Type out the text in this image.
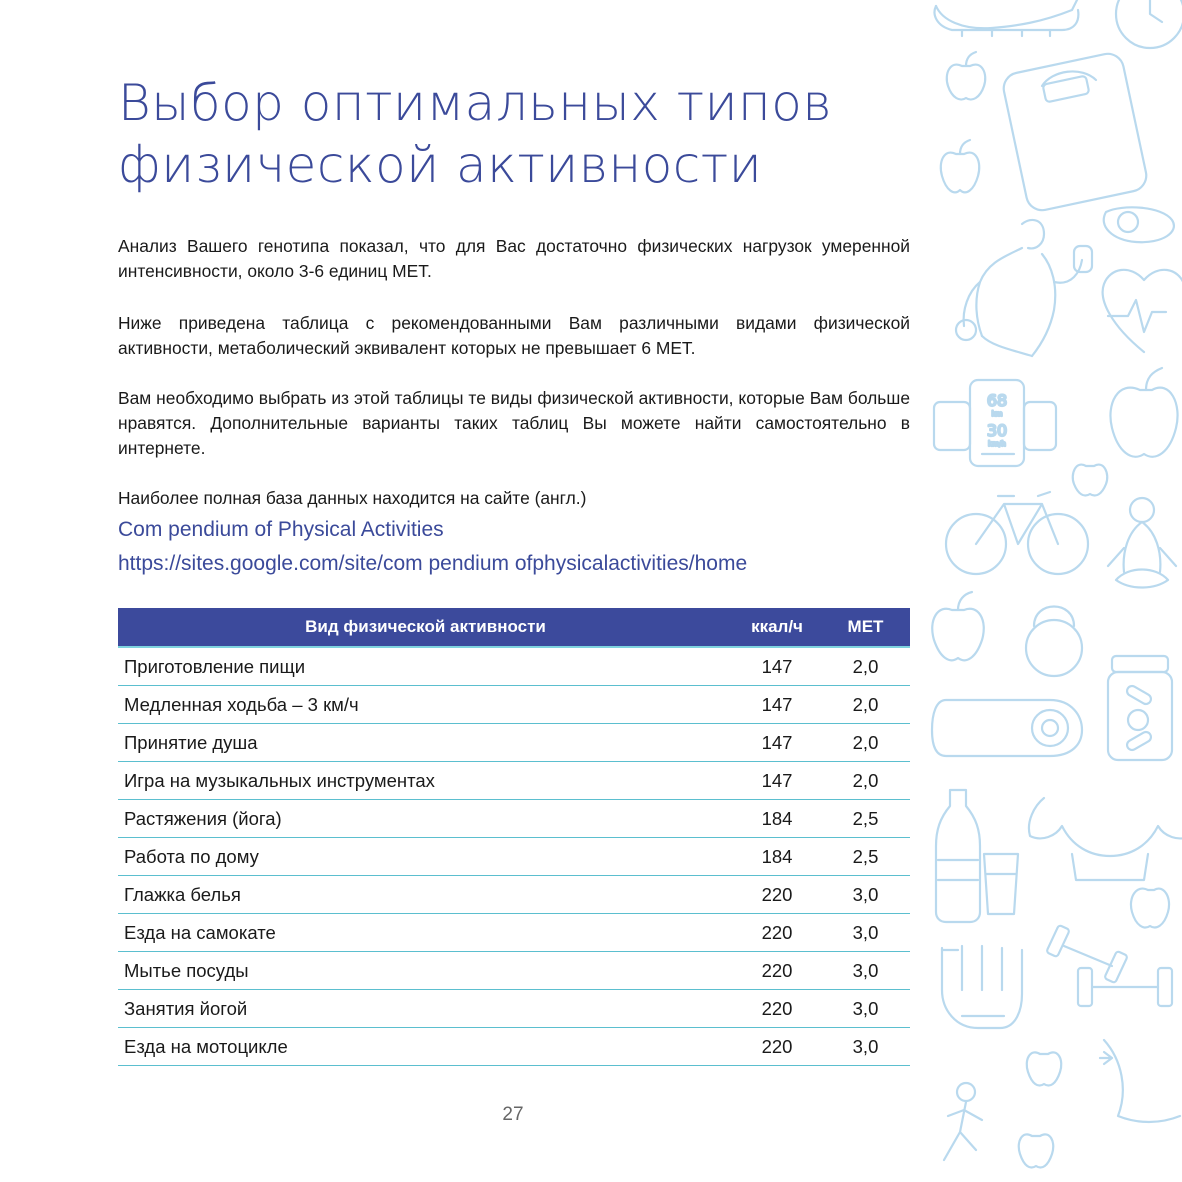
Выбор оптимальных типов
физической активности
Анализ Вашего генотипа показал, что для Вас достаточно физических нагрузок умеренной интенсивности, около 3-6 единиц МЕТ.
Ниже приведена таблица с рекомендованными Вам различными видами физической активности, метаболический эквивалент которых не превышает 6 МЕТ.
Вам необходимо выбрать из этой таблицы те виды физической активности, которые Вам больше нравятся. Дополнительные варианты таких таблиц Вы можете найти самостоятельно в интернете.
Наиболее полная база данных находится на сайте (англ.)
Com pendium of Physical Activities
https://sites.google.com/site/com pendium ofphysicalactivities/home
Вид физической активности	ккал/ч	МЕТ
Приготовление пищи	147	2,0
Медленная ходьба – 3 км/ч	147	2,0
Принятие душа	147	2,0
Игра на музыкальных инструментах	147	2,0
Растяжения (йога)	184	2,5
Работа по дому	184	2,5
Глажка белья	220	3,0
Езда на самокате	220	3,0
Мытье посуды	220	3,0
Занятия йогой	220	3,0
Езда на мотоцикле	220	3,0
27
68
km
30
km/h
